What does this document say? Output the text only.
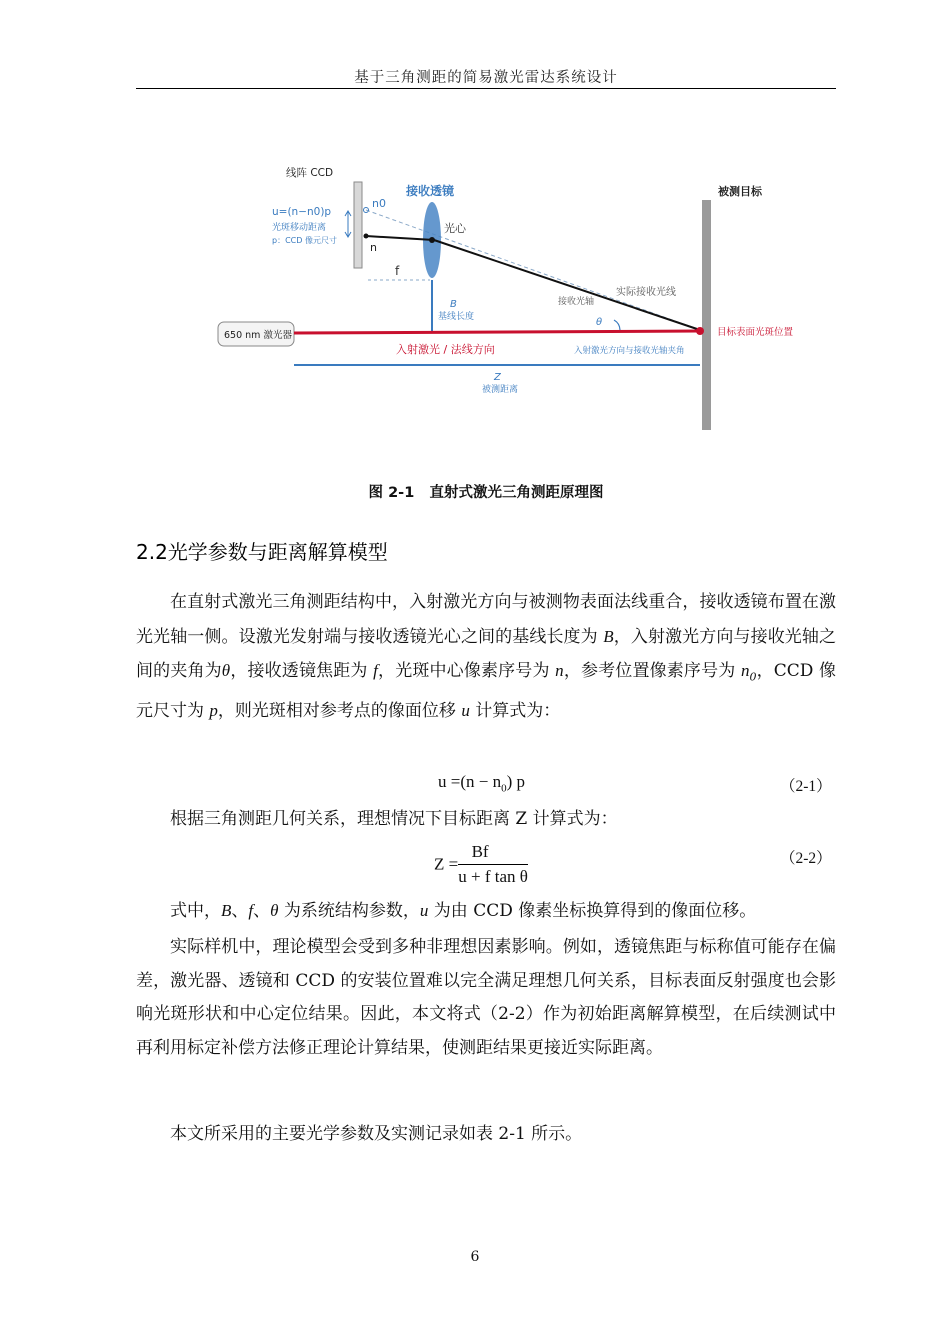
基于三角测距的简易激光雷达系统设计
被测目标
线阵 CCD
f
接收透镜
光心
B
基线长度
实际接收光线
接收光轴
θ
n0
n
u=(n−n0)p
光斑移动距离
p：CCD 像元尺寸
650 nm 激光器	目标表面光斑位置
入射激光 / 法线方向	入射激光方向与接收光轴夹角
Z
被测距离
图 2-1 直射式激光三角测距原理图
2.2光学参数与距离解算模型

在直射式激光三角测距结构中，入射激光方向与被测物表面法线重合，接收透镜布置在激光光轴一侧。设激光发射端与接收透镜光心之间的基线长度为 B，入射激光方向与接收光轴之间的夹角为θ，接收透镜焦距为 f，光斑中心像素序号为 n，参考位置像素序号为 $n_0$，CCD 像元尺寸为 p，则光斑相对参考点的像面位移 u 计算式为：

$u =(n - n_0)$ p	（2-1）

根据三角测距几何关系，理想情况下目标距离 Z 计算式为：

$Z = \frac{Bf}{\text{u + f tan θ}}$	（2-2）

式中，B、f、θ 为系统结构参数，u 为由 CCD 像素坐标换算得到的像面位移。

实际样机中，理论模型会受到多种非理想因素影响。例如，透镜焦距与标称值可能存在偏差，激光器、透镜和 CCD 的安装位置难以完全满足理想几何关系，目标表面反射强度也会影响光斑形状和中心定位结果。因此，本文将式（2-2）作为初始距离解算模型，在后续测试中再利用标定补偿方法修正理论计算结果，使测距结果更接近实际距离。

本文所采用的主要光学参数及实测记录如表 2-1 所示。

6
